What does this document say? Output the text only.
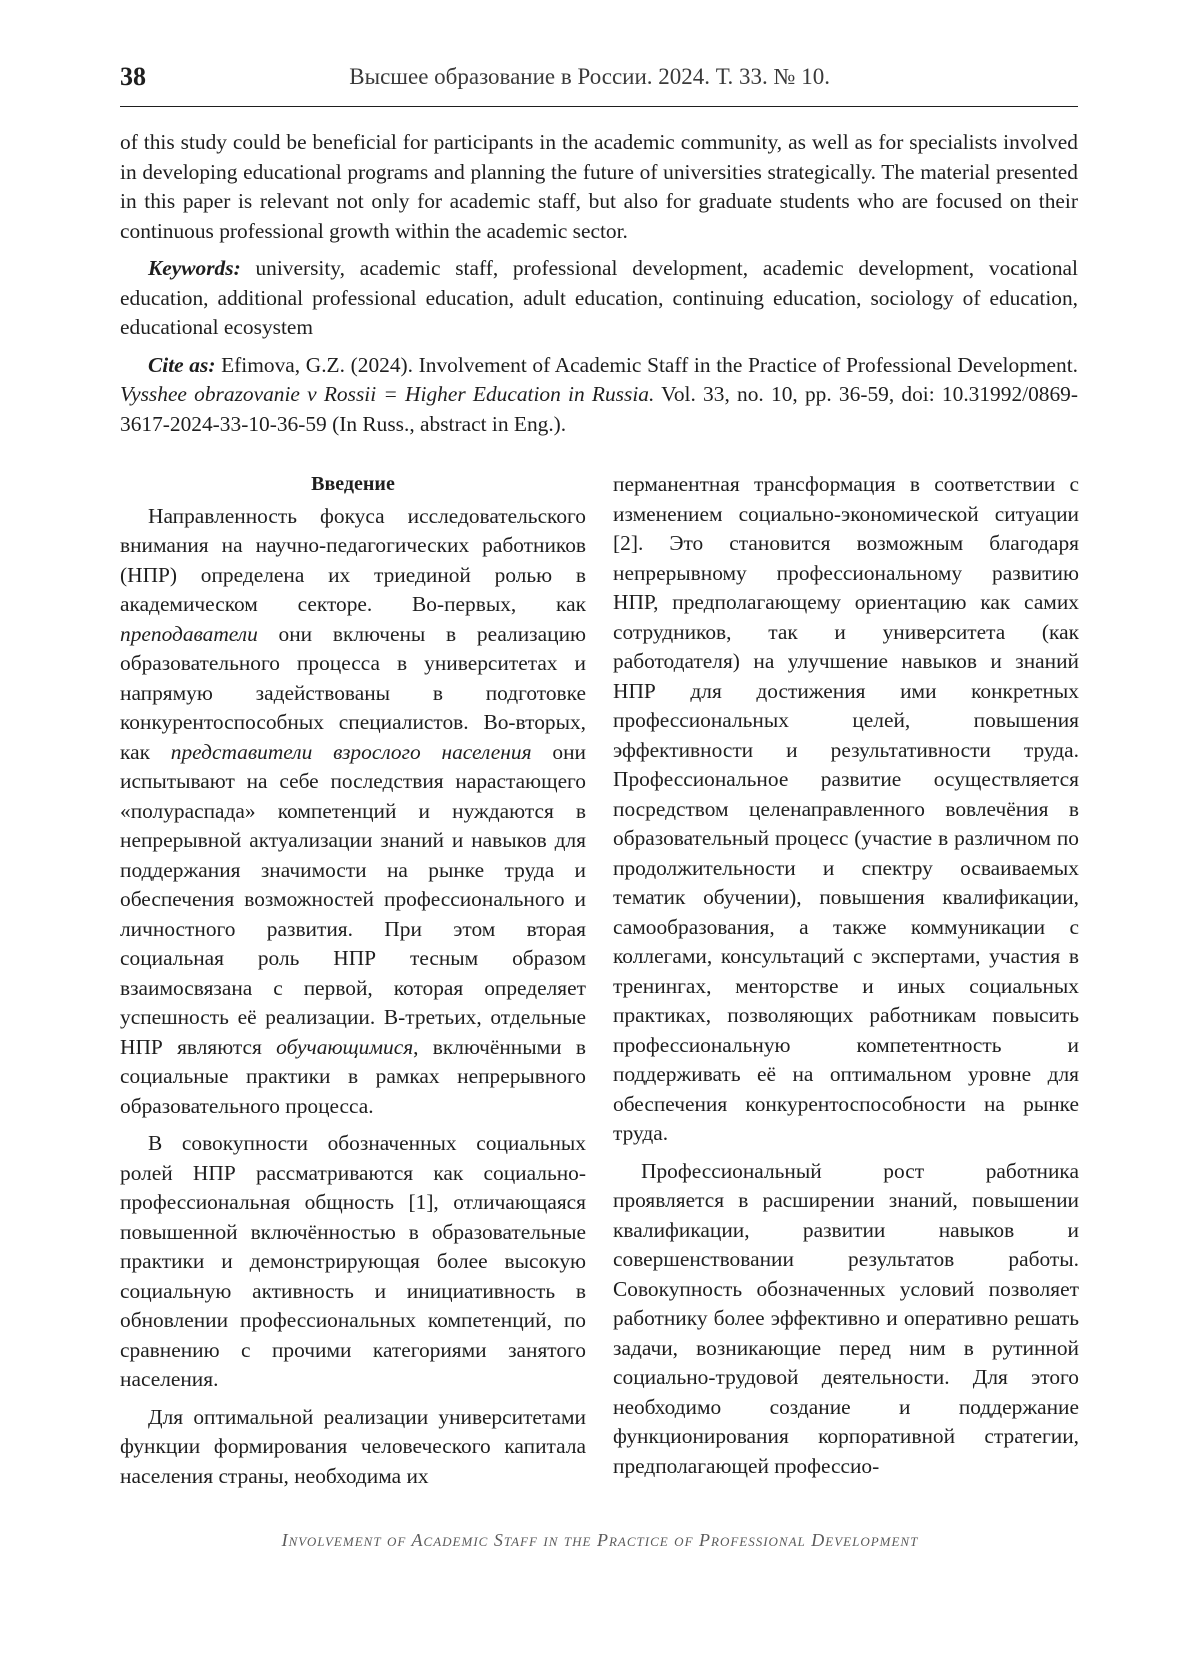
38	Высшее образование в России. 2024. Т. 33. № 10.

of this study could be beneficial for participants in the academic community, as well as for specialists involved in developing educational programs and planning the future of universities strategically. The material presented in this paper is relevant not only for academic staff, but also for graduate students who are focused on their continuous professional growth within the academic sector.

Keywords: university, academic staff, professional development, academic development, vocational education, additional professional education, adult education, continuing education, sociology of education, educational ecosystem

Cite as: Efimova, G.Z. (2024). Involvement of Academic Staff in the Practice of Professional Development. Vysshee obrazovanie v Rossii = Higher Education in Russia. Vol. 33, no. 10, pp. 36-59, doi: 10.31992/0869-3617-2024-33-10-36-59 (In Russ., abstract in Eng.).

Введение

Направленность фокуса исследовательского внимания на научно-педагогических работников (НПР) определена их триединой ролью в академическом секторе. Во-первых, как преподаватели они включены в реализацию образовательного процесса в университетах и напрямую задействованы в подготовке конкурентоспособных специалистов. Во-вторых, как представители взрослого населения они испытывают на себе последствия нарастающего «полураспада» компетенций и нуждаются в непрерывной актуализации знаний и навыков для поддержания значимости на рынке труда и обеспечения возможностей профессионального и личностного развития. При этом вторая социальная роль НПР тесным образом взаимосвязана с первой, которая определяет успешность её реализации. В-третьих, отдельные НПР являются обучающимися, включёнными в социальные практики в рамках непрерывного образовательного процесса.

В совокупности обозначенных социальных ролей НПР рассматриваются как социально-профессиональная общность [1], отличающаяся повышенной включённостью в образовательные практики и демонстрирующая более высокую социальную активность и инициативность в обновлении профессиональных компетенций, по сравнению с прочими категориями занятого населения.

Для оптимальной реализации университетами функции формирования человеческого капитала населения страны, необходима их

перманентная трансформация в соответствии с изменением социально-экономической ситуации [2]. Это становится возможным благодаря непрерывному профессиональному развитию НПР, предполагающему ориентацию как самих сотрудников, так и университета (как работодателя) на улучшение навыков и знаний НПР для достижения ими конкретных профессиональных целей, повышения эффективности и результативности труда. Профессиональное развитие осуществляется посредством целенаправленного вовлечёния в образовательный процесс (участие в различном по продолжительности и спектру осваиваемых тематик обучении), повышения квалификации, самообразования, а также коммуникации с коллегами, консультаций с экспертами, участия в тренингах, менторстве и иных социальных практиках, позволяющих работникам повысить профессиональную компетентность и поддерживать её на оптимальном уровне для обеспечения конкурентоспособности на рынке труда.

Профессиональный рост работника проявляется в расширении знаний, повышении квалификации, развитии навыков и совершенствовании результатов работы. Совокупность обозначенных условий позволяет работнику более эффективно и оперативно решать задачи, возникающие перед ним в рутинной социально-трудовой деятельности. Для этого необходимо создание и поддержание функционирования корпоративной стратегии, предполагающей профессио-

Involvement of Academic Staff in the Practice of Professional Development
